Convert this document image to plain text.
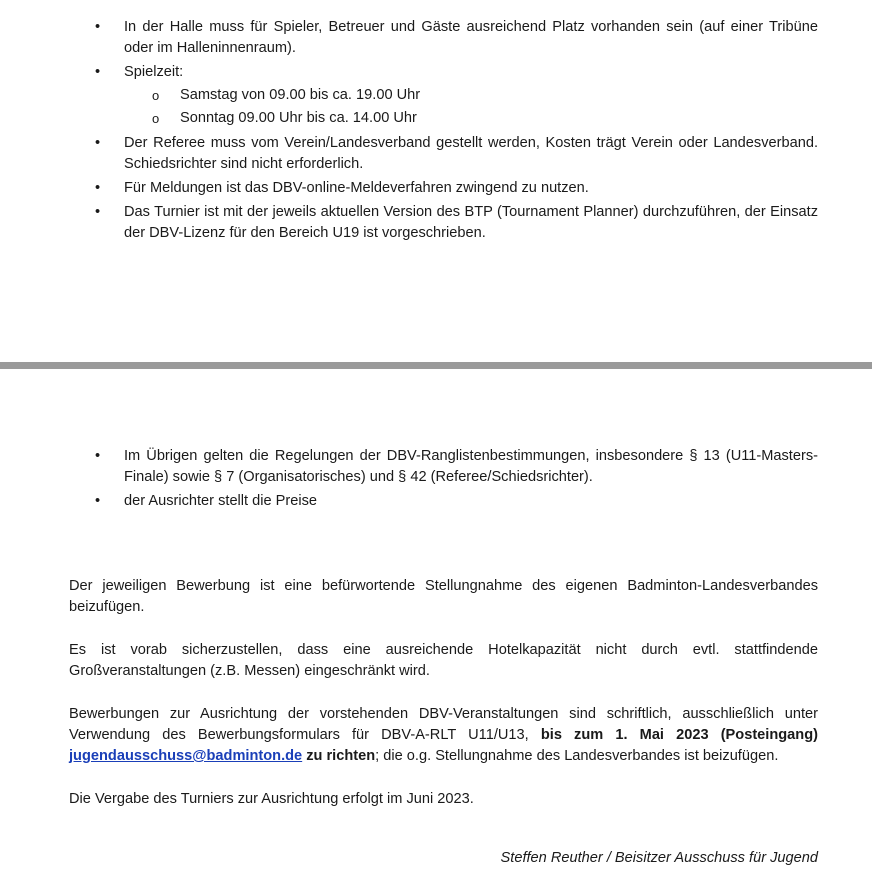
• In der Halle muss für Spieler, Betreuer und Gäste ausreichend Platz vorhanden sein (auf einer Tribüne oder im Halleninnenraum).
• Spielzeit:
o Samstag von 09.00 bis ca. 19.00 Uhr
o Sonntag 09.00 Uhr bis ca. 14.00 Uhr
• Der Referee muss vom Verein/Landesverband gestellt werden, Kosten trägt Verein oder Landesverband. Schiedsrichter sind nicht erforderlich.
• Für Meldungen ist das DBV-online-Meldeverfahren zwingend zu nutzen.
• Das Turnier ist mit der jeweils aktuellen Version des BTP (Tournament Planner) durchzuführen, der Einsatz der DBV-Lizenz für den Bereich U19 ist vorgeschrieben.
• Im Übrigen gelten die Regelungen der DBV-Ranglistenbestimmungen, insbesondere § 13 (U11-Masters-Finale) sowie § 7 (Organisatorisches) und § 42 (Referee/Schiedsrichter).
• der Ausrichter stellt die Preise

Der jeweiligen Bewerbung ist eine befürwortende Stellungnahme des eigenen Badminton-Landesverbandes beizufügen.

Es ist vorab sicherzustellen, dass eine ausreichende Hotelkapazität nicht durch evtl. stattfindende Großveranstaltungen (z.B. Messen) eingeschränkt wird.

Bewerbungen zur Ausrichtung der vorstehenden DBV-Veranstaltungen sind schriftlich, ausschließlich unter Verwendung des Bewerbungsformulars für DBV-A-RLT U11/U13, bis zum 1. Mai 2023 (Posteingang) jugendausschuss@badminton.de zu richten; die o.g. Stellungnahme des Landesverbandes ist beizufügen.

Die Vergabe des Turniers zur Ausrichtung erfolgt im Juni 2023.

Steffen Reuther / Beisitzer Ausschuss für Jugend
